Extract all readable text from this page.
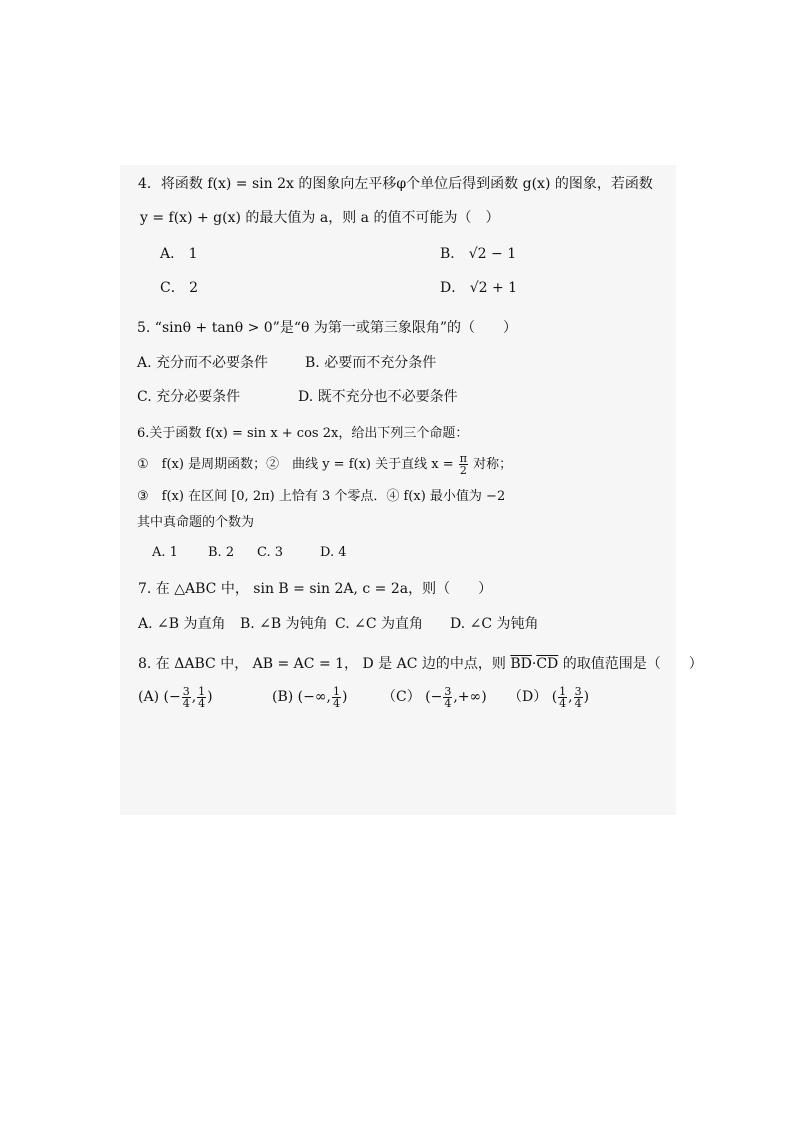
4．将函数 f(x) = sin 2x 的图象向左平移φ个单位后得到函数 g(x) 的图象，若函数
y = f(x) + g(x) 的最大值为 a，则 a 的值不可能为（　）
A． 1	B． √2 − 1
C． 2	D． √2 + 1
5. “sinθ + tanθ > 0”是“θ 为第一或第三象限角”的（　　）
A. 充分而不必要条件	B. 必要而不充分条件
C. 充分必要条件	D. 既不充分也不必要条件
6.关于函数 f(x) = sin x + cos 2x，给出下列三个命题：
①　f(x) 是周期函数；②　曲线 y = f(x) 关于直线 $x = \frac{\pi}{2}$ 对称；
③　f(x) 在区间 [0, 2π) 上恰有 3 个零点．④ f(x) 最小值为 −2
其中真命题的个数为
A. 1 B. 2 C. 3	D. 4
7. 在 △ABC 中， sin B = sin 2A, c = 2a，则（　　）
A. ∠B 为直角 B. ∠B 为钝角 C. ∠C 为直角 D. ∠C 为钝角
8. 在 ΔABC 中， AB = AC = 1， D 是 AC 边的中点，则 $\overline{BD}\cdot\overline{CD}$ 的取值范围是（　　）
(A) (− $\frac{3}{4}$ , $\frac{1}{4}$ )	(B) (−∞, $\frac{1}{4}$ ) （C） (− $\frac{3}{4}$ ,+∞) （D） ( $\frac{1}{4}$ , $\frac{3}{4}$ )
